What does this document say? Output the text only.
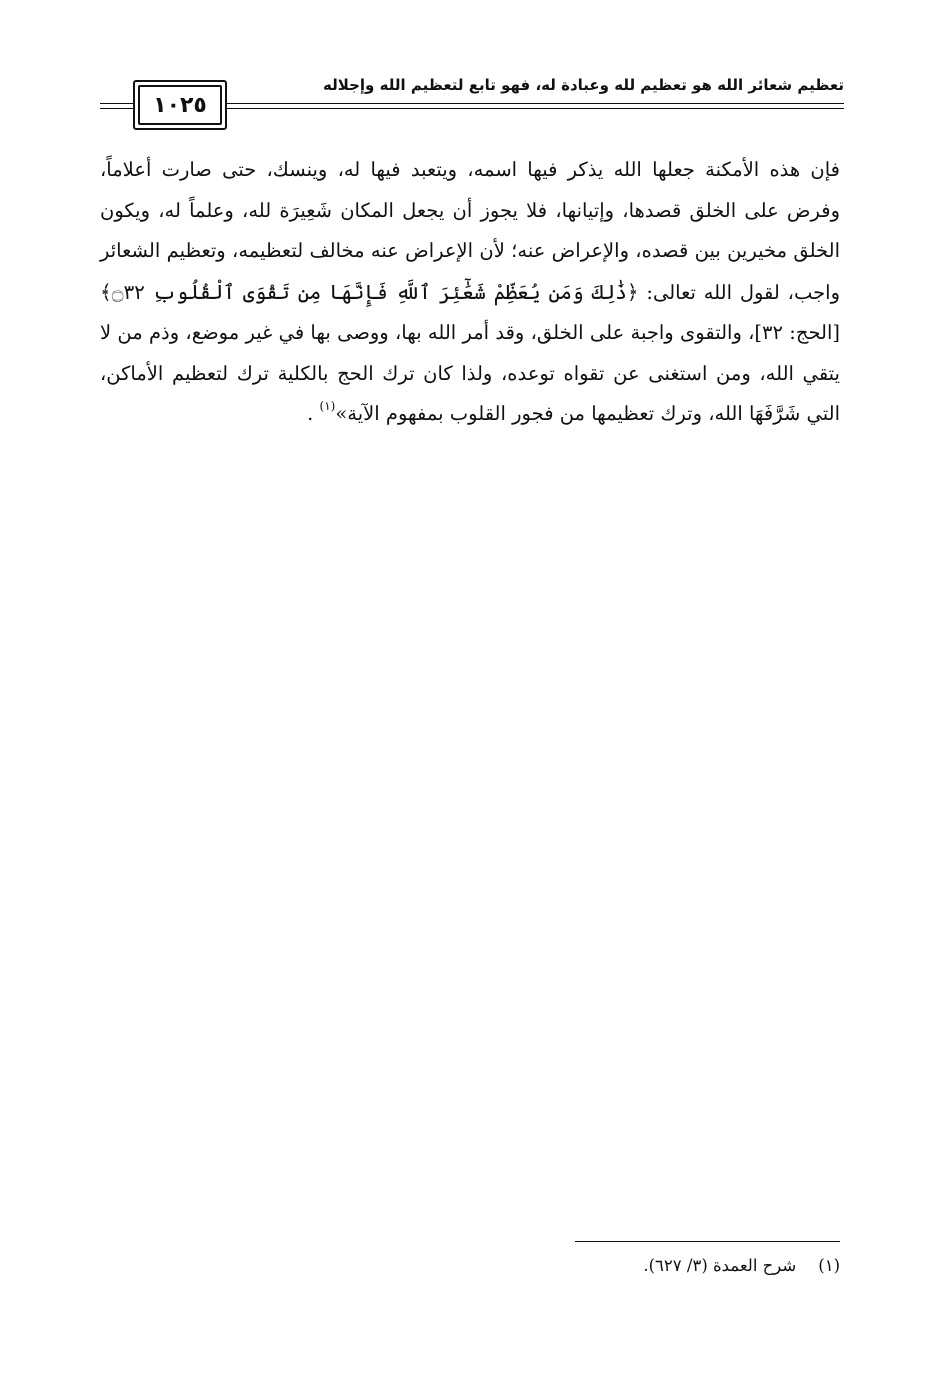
تعظيم شعائر الله هو تعظيم لله وعبادة له، فهو تابع لتعظيم الله وإجلاله
١٠٢٥

فإن هذه الأمكنة جعلها الله يذكر فيها اسمه، ويتعبد فيها له، وينسك، حتى صارت أعلاماً، وفرض على الخلق قصدها، وإتيانها، فلا يجوز أن يجعل المكان شَعِيرَة لله، وعلماً له، ويكون الخلق مخيرين بين قصده، والإعراض عنه؛ لأن الإعراض عنه مخالف لتعظيمه، وتعظيم الشعائر واجب، لقول الله تعالى: ﴿ذَٰلِكَ وَمَن يُعَظِّمْ شَعَٰٓئِرَ ٱللَّهِ فَإِنَّهَا مِن تَقْوَى ٱلْقُلُوبِ ۝٣٢﴾ [الحج: ٣٢]، والتقوى واجبة على الخلق، وقد أمر الله بها، ووصى بها في غير موضع، وذم من لا يتقي الله، ومن استغنى عن تقواه توعده، ولذا كان ترك الحج بالكلية ترك لتعظيم الأماكن، التي شَرَّفَهَا الله، وترك تعظيمها من فجور القلوب بمفهوم الآية»$^{(١)}$ .

(١)شرح العمدة (٣/ ٦٢٧).
